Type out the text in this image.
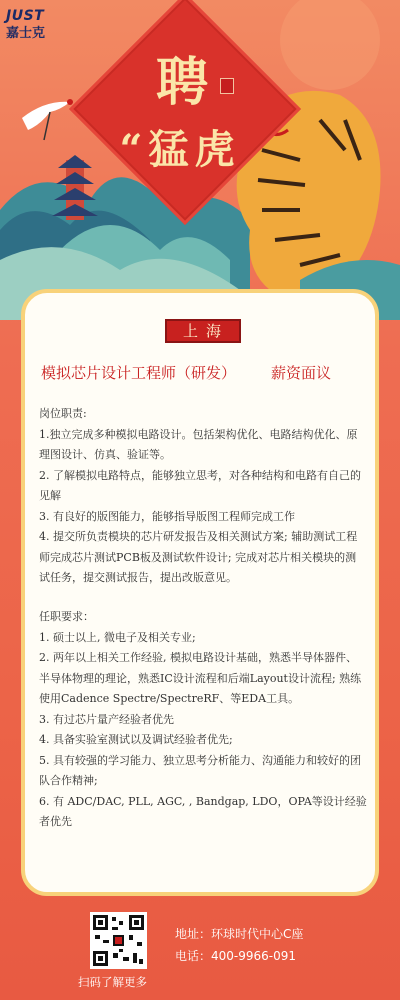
JUST
嘉士克
聘
“猛虎
上海
模拟芯片设计工程师（研发） 薪资面议

岗位职责:

1.独立完成多种模拟电路设计。包括架构优化、电路结构优化、原理图设计、仿真、验证等。

2. 了解模拟电路特点，能够独立思考，对各种结构和电路有自己的见解

3. 有良好的版图能力，能够指导版图工程师完成工作

4. 提交所负责模块的芯片研发报告及相关测试方案; 辅助测试工程师完成芯片测试PCB板及测试软件设计; 完成对芯片相关模块的测试任务，提交测试报告，提出改版意见。

任职要求：

1. 硕士以上, 微电子及相关专业;

2. 两年以上相关工作经验, 模拟电路设计基础，熟悉半导体器件、半导体物理的理论，熟悉IC设计流程和后端Layout设计流程; 熟练使用Cadence Spectre/SpectreRF、等EDA工具。

3. 有过芯片量产经验者优先

4. 具备实验室测试以及调试经验者优先;

5. 具有较强的学习能力、独立思考分析能力、沟通能力和较好的团队合作精神;

6. 有 ADC/DAC, PLL, AGC, , Bandgap, LDO，OPA等设计经验者优先

扫码了解更多
地址：环球时代中心C座
电话：400-9966-091
